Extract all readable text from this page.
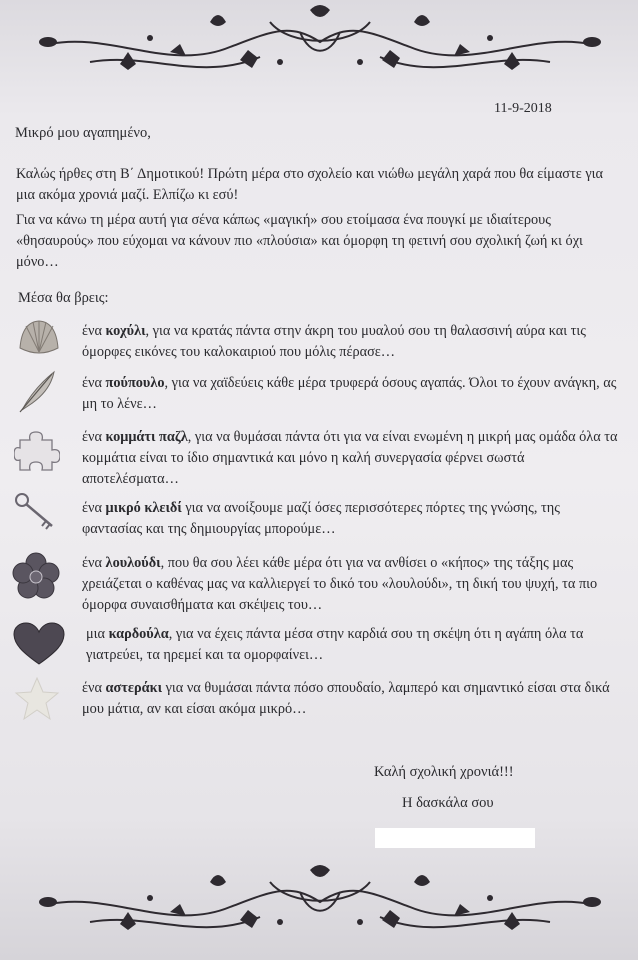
11-9-2018
Μικρό μου αγαπημένο,
Καλώς ήρθες στη Β΄ Δημοτικού! Πρώτη μέρα στο σχολείο και νιώθω μεγάλη χαρά που θα είμαστε για μια ακόμα χρονιά μαζί. Ελπίζω κι εσύ!
Για να κάνω τη μέρα αυτή για σένα κάπως «μαγική» σου ετοίμασα ένα πουγκί με ιδιαίτερους «θησαυρούς» που εύχομαι να κάνουν πιο «πλούσια» και όμορφη τη φετινή σου σχολική ζωή κι όχι μόνο…
Μέσα θα βρεις:
ένα κοχύλι, για να κρατάς πάντα στην άκρη του μυαλού σου τη θαλασσινή αύρα και τις όμορφες εικόνες του καλοκαιριού που μόλις πέρασε…
ένα πούπουλο, για να χαϊδεύεις κάθε μέρα τρυφερά όσους αγαπάς. Όλοι το έχουν ανάγκη, ας μη το λένε…
ένα κομμάτι παζλ, για να θυμάσαι πάντα ότι για να είναι ενωμένη η μικρή μας ομάδα όλα τα κομμάτια είναι το ίδιο σημαντικά και μόνο η καλή συνεργασία φέρνει σωστά αποτελέσματα…
ένα μικρό κλειδί για να ανοίξουμε μαζί όσες περισσότερες πόρτες της γνώσης, της φαντασίας και της δημιουργίας μπορούμε…
ένα λουλούδι, που θα σου λέει κάθε μέρα ότι για να ανθίσει ο «κήπος» της τάξης μας χρειάζεται ο καθένας μας να καλλιεργεί το δικό του «λουλούδι», τη δική του ψυχή, τα πιο όμορφα συναισθήματα και σκέψεις του…
μια καρδούλα, για να έχεις πάντα μέσα στην καρδιά σου τη σκέψη ότι η αγάπη όλα τα γιατρεύει, τα ηρεμεί και τα ομορφαίνει…
ένα αστεράκι για να θυμάσαι πάντα πόσο σπουδαίο, λαμπερό και σημαντικό είσαι στα δικά μου μάτια, αν και είσαι ακόμα μικρό…
Καλή σχολική χρονιά!!!
Η δασκάλα σου
